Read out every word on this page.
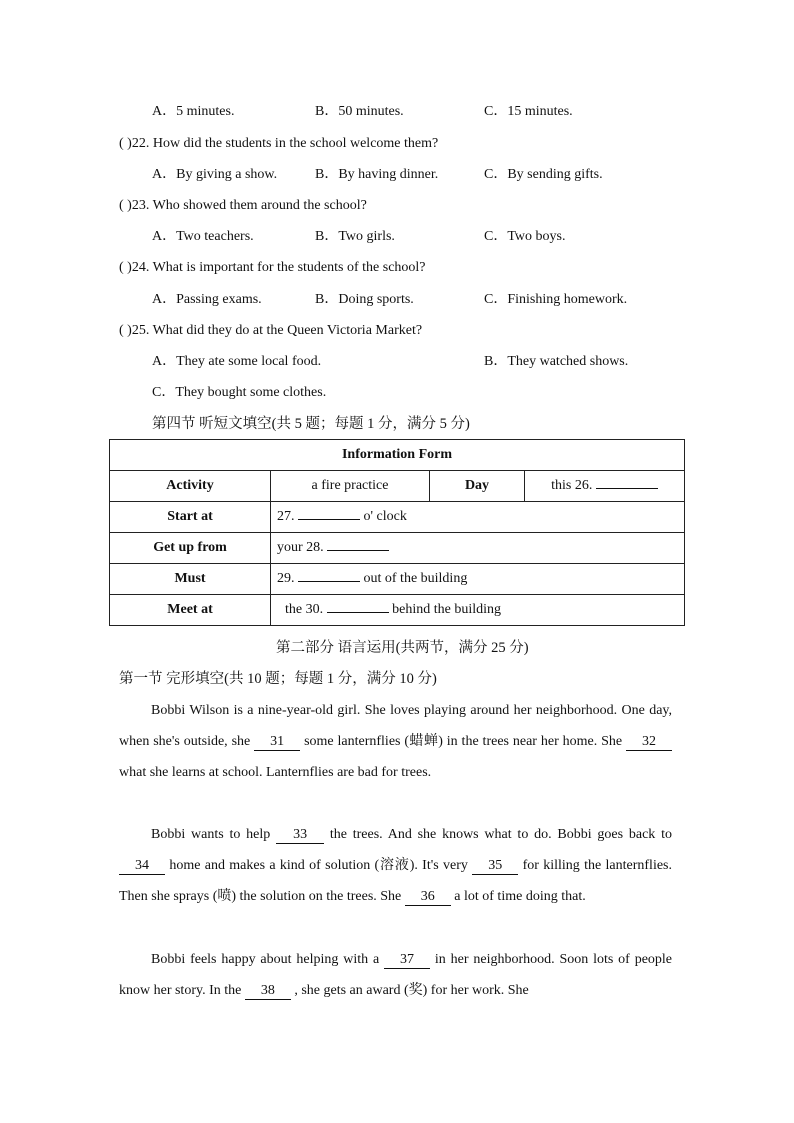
A．5 minutes.	B．50 minutes.	C．15 minutes.
( )22. How did the students in the school welcome them?
A．By giving a show.	B．By having dinner.	C．By sending gifts.
( )23. Who showed them around the school?
A．Two teachers.	B．Two girls.	C．Two boys.
( )24. What is important for the students of the school?
A．Passing exams.	B．Doing sports.	C．Finishing homework.
( )25. What did they do at the Queen Victoria Market?
A．They ate some local food.	B．They watched shows.
C．They bought some clothes.
第四节 听短文填空(共 5 题；每题 1 分，满分 5 分)
Information Form			
Activity	a fire practice	Day	this 26.
Start at	27. o' clock		
Get up from	your 28.		
Must	29. out of the building		
Meet at	the 30. behind the building		
第二部分 语言运用(共两节，满分 25 分)
第一节 完形填空(共 10 题；每题 1 分，满分 10 分)
Bobbi Wilson is a nine-year-old girl. She loves playing around her neighborhood. One day, when she's outside, she 31 some lanternflies (蜡蝉) in the trees near her home. She 32 what she learns at school. Lanternflies are bad for trees.
Bobbi wants to help 33 the trees. And she knows what to do. Bobbi goes back to 34 home and makes a kind of solution (溶液). It's very 35 for killing the lanternflies. Then she sprays (喷) the solution on the trees. She 36 a lot of time doing that.
Bobbi feels happy about helping with a 37 in her neighborhood. Soon lots of people know her story. In the 38 , she gets an award (奖) for her work. She
